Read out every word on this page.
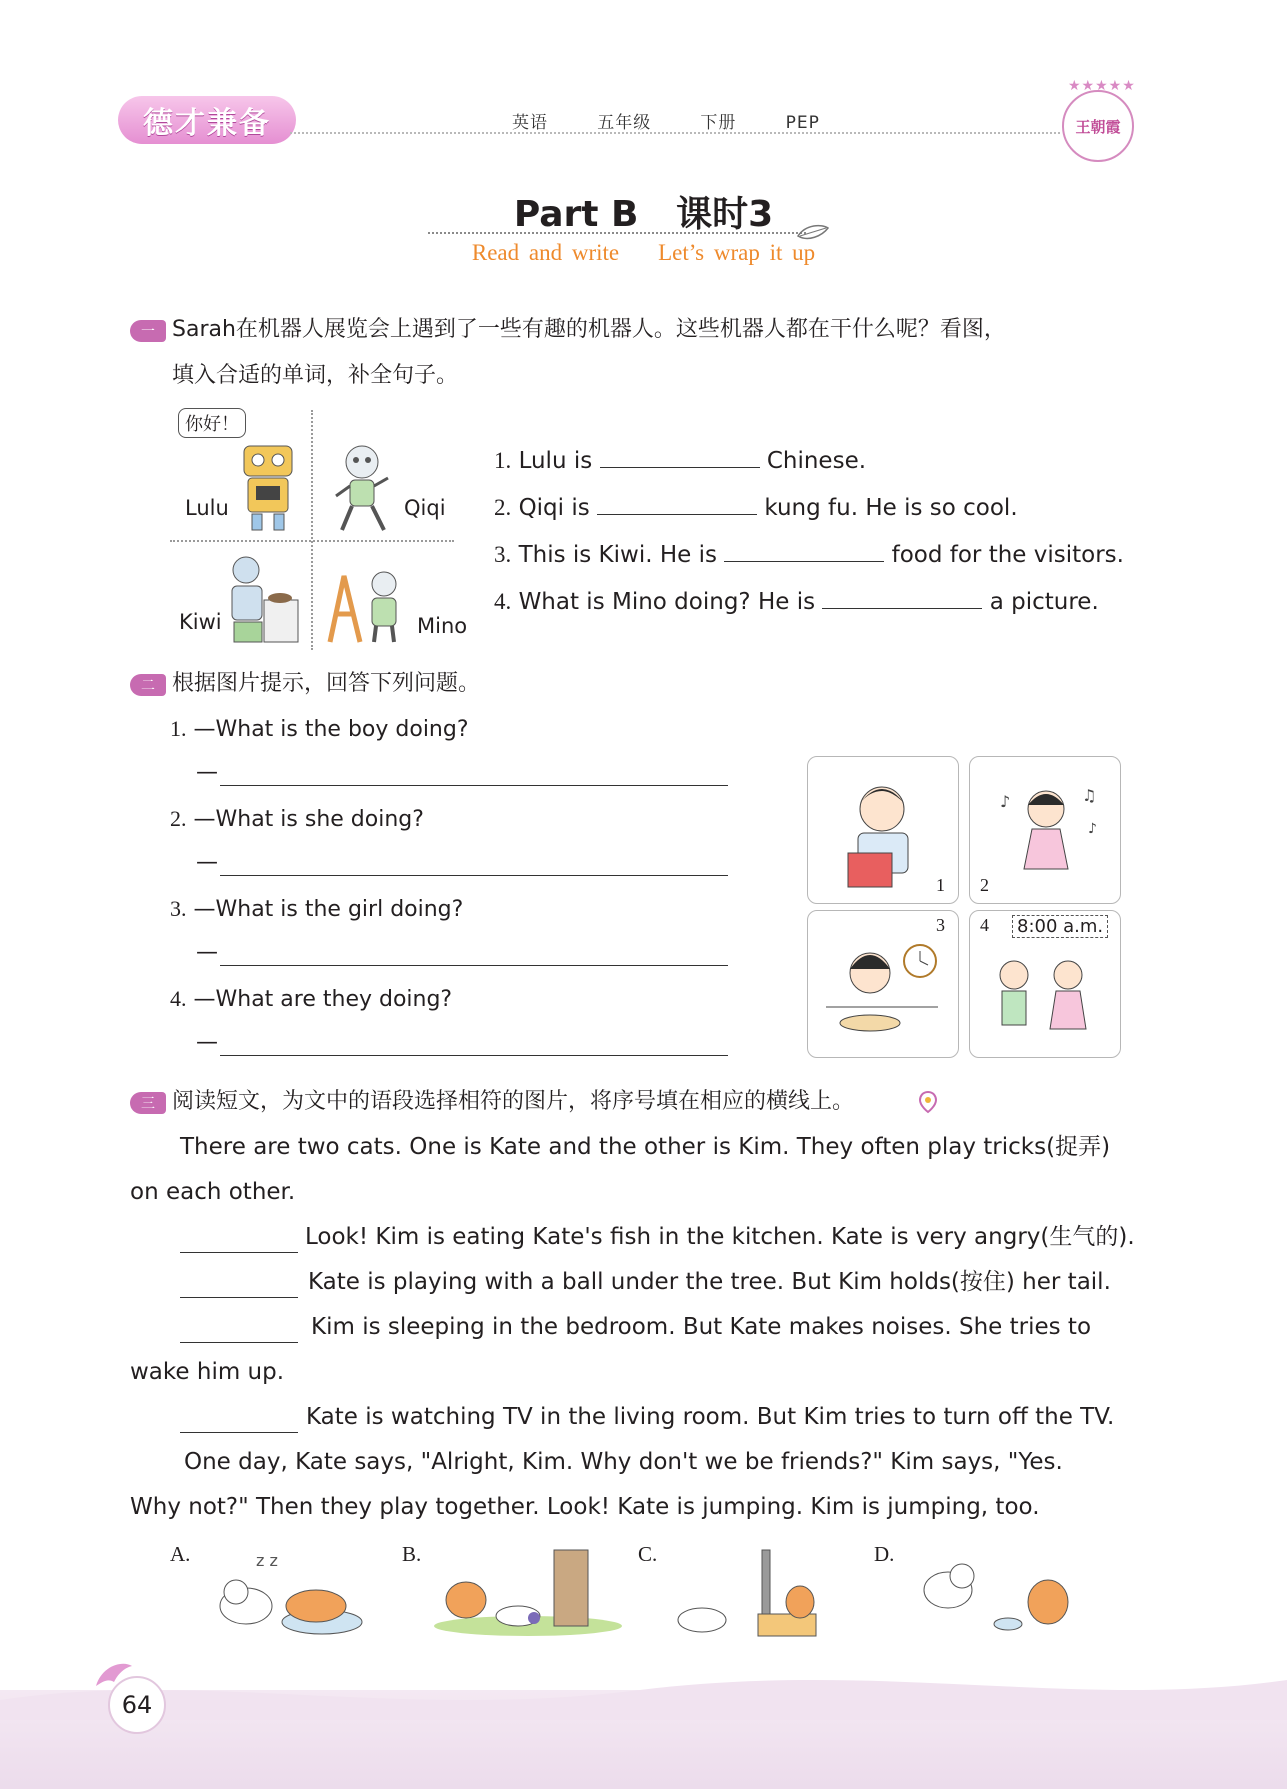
★★★★★
德才兼备	英语   五年级   下册   PEP	王朝霞
Part B   课时3
Read and write    Let’s wrap it up
一 Sarah在机器人展览会上遇到了一些有趣的机器人。这些机器人都在干什么呢？看图，
填入合适的单词，补全句子。
你好！
Lulu	Qiqi
Kiwi	Mino
1. Lulu is	Chinese.
2. Qiqi is	kung fu. He is so cool.
3. This is Kiwi. He is	food for the visitors.
4. What is Mino doing? He is	a picture.
二 根据图片提示，回答下列问题。
1. —What is the boy doing?
—
2. —What is she doing?
—
3. —What is the girl doing?
—
4. —What are they doing?
—
1
♪	♫
♪
2
3 4 8:00 a.m.
三 阅读短文，为文中的语段选择相符的图片，将序号填在相应的横线上。
There are two cats. One is Kate and the other is Kim. They often play tricks(捉弄)
on each other.
Look! Kim is eating Kate's fish in the kitchen. Kate is very angry(生气的).
Kate is playing with a ball under the tree. But Kim holds(按住) her tail.
Kim is sleeping in the bedroom. But Kate makes noises. She tries to
wake him up.
Kate is watching TV in the living room. But Kim tries to turn off the TV.
One day, Kate says, "Alright, Kim. Why don't we be friends?" Kim says, "Yes.
Why not?" Then they play together. Look! Kate is jumping. Kim is jumping, too.
A.	z z	B.	C.	D.
64
